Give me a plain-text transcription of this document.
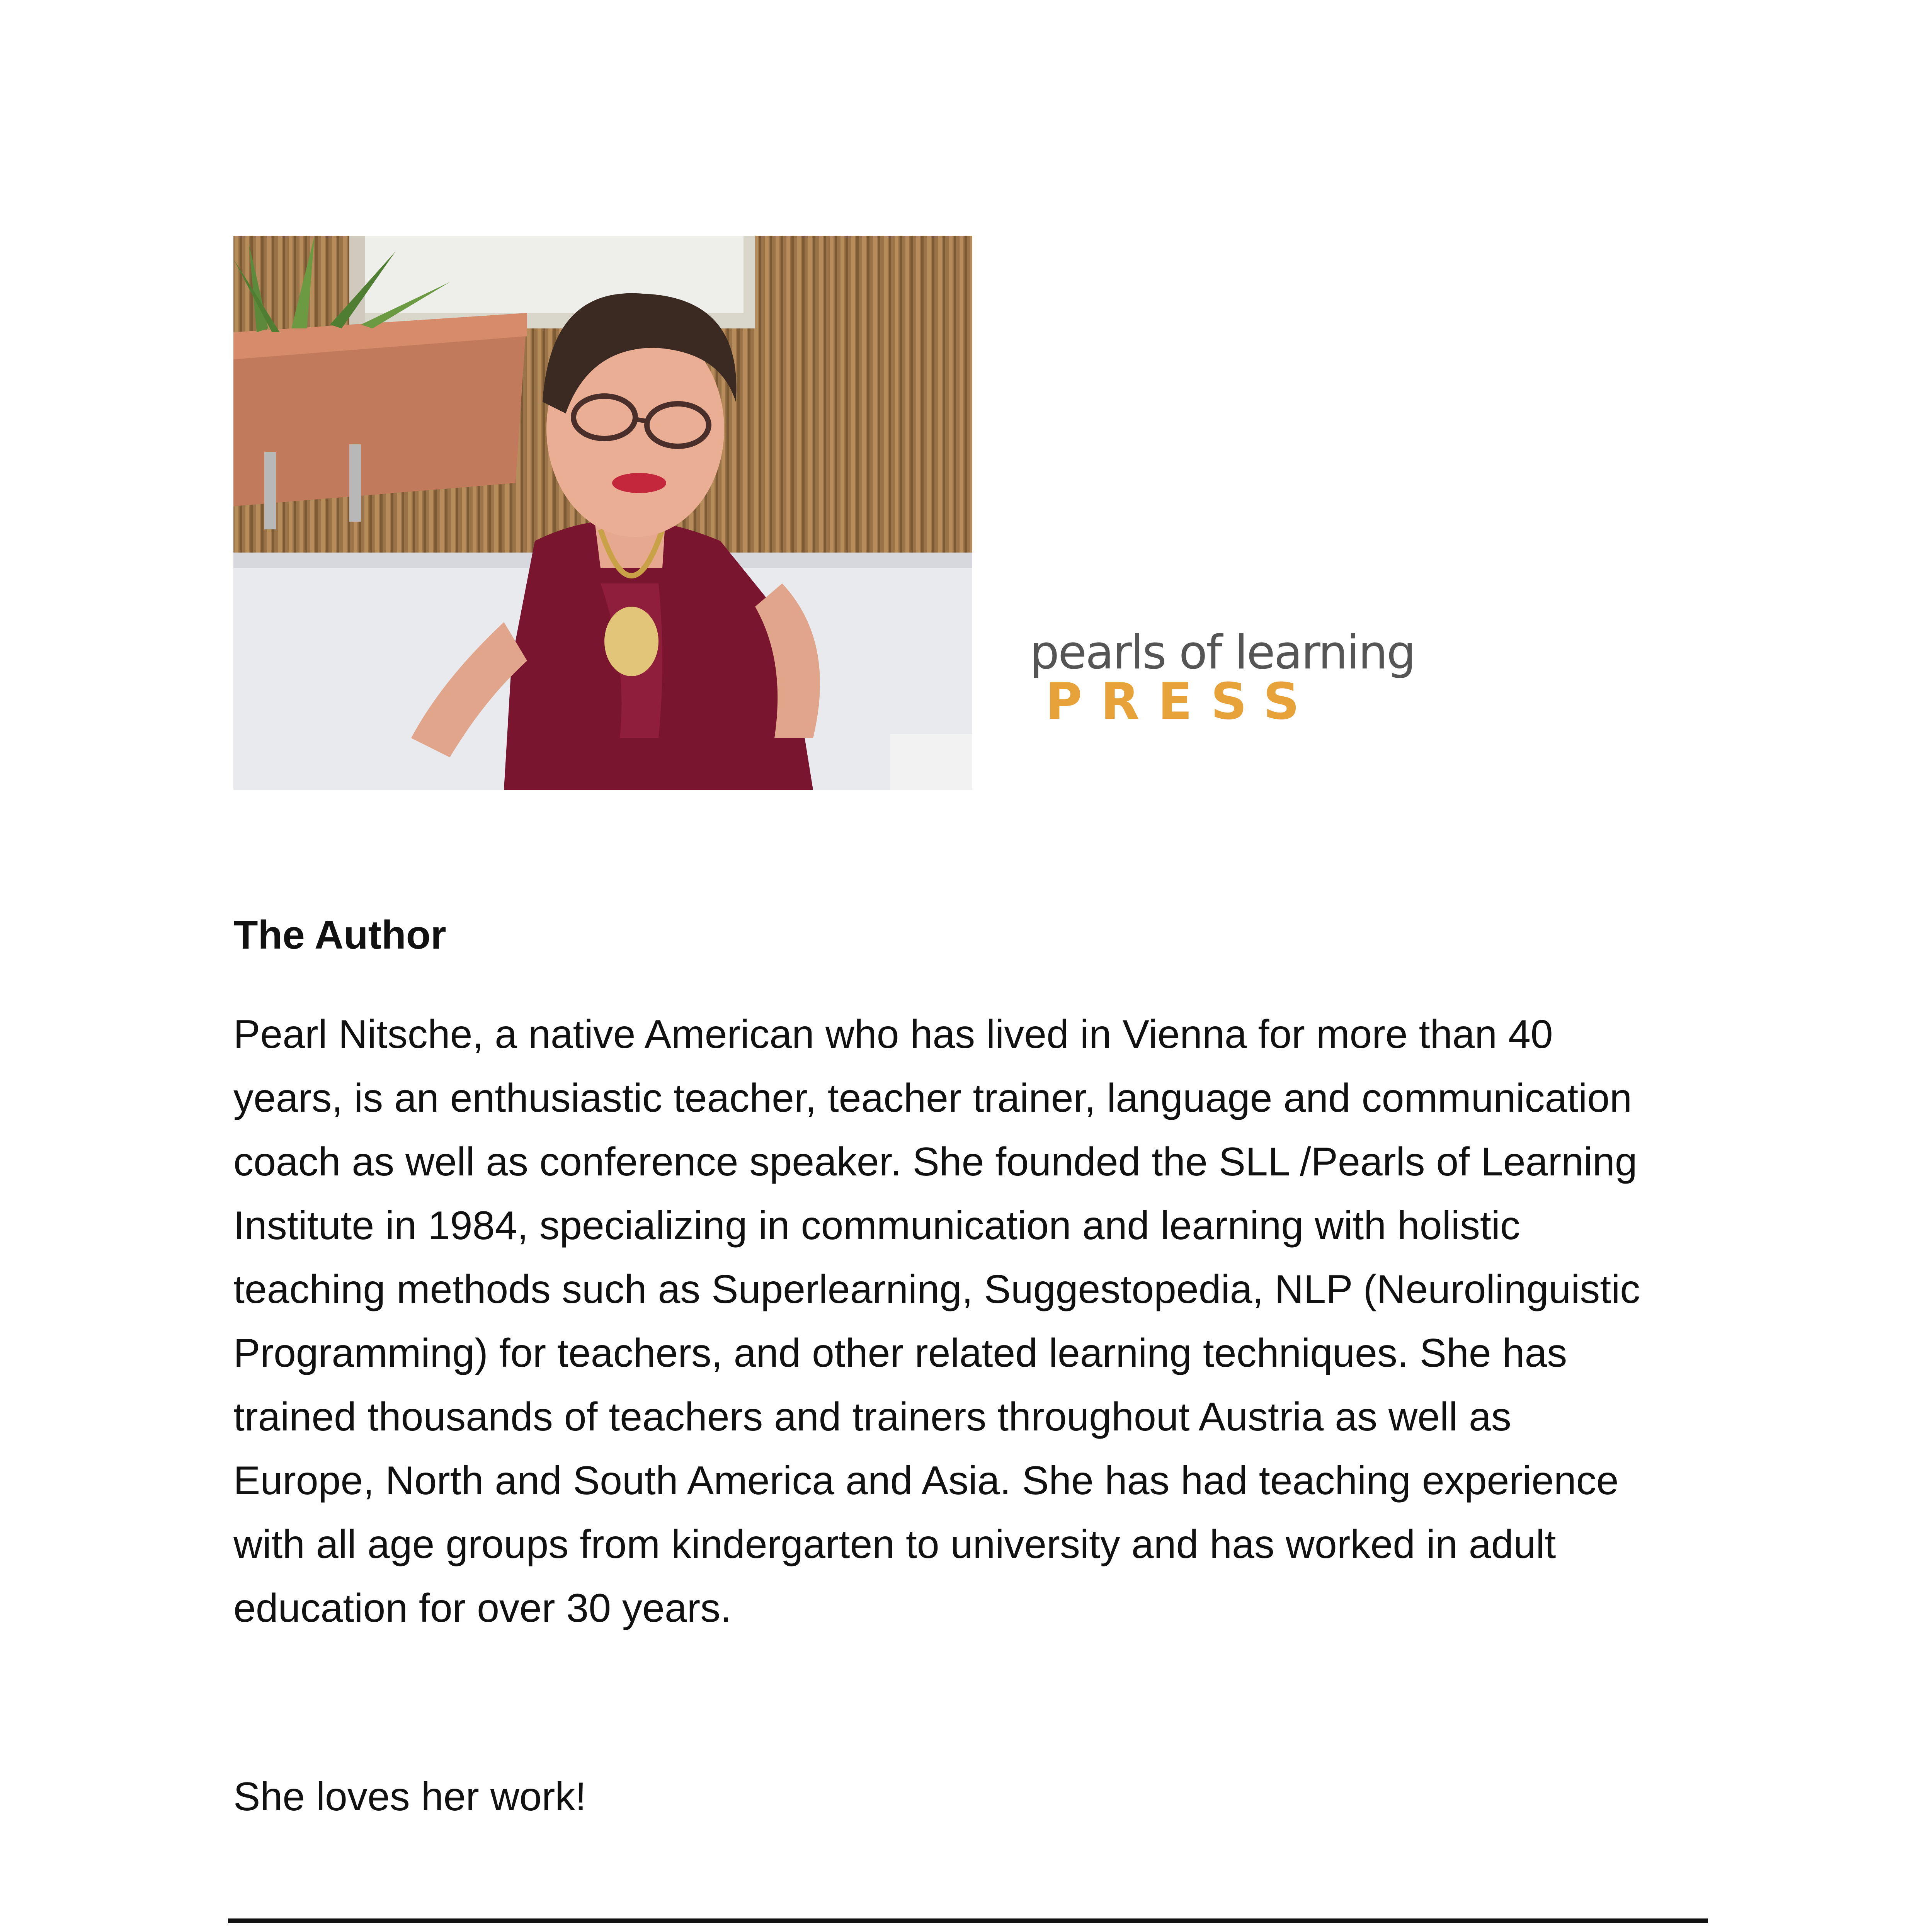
pearls of learning
PRESS
The Author
Pearl Nitsche, a native American who has lived in Vienna for more than 40
years, is an enthusiastic teacher, teacher trainer, language and communication
coach as well as conference speaker. She founded the SLL /Pearls of Learning
Institute in 1984, specializing in communication and learning with holistic
teaching methods such as Superlearning, Suggestopedia, NLP (Neurolinguistic
Programming) for teachers, and other related learning techniques. She has
trained thousands of teachers and trainers throughout Austria as well as
Europe, North and South America and Asia. She has had teaching experience
with all age groups from kindergarten to university and has worked in adult
education for over 30 years.
She loves her work!
